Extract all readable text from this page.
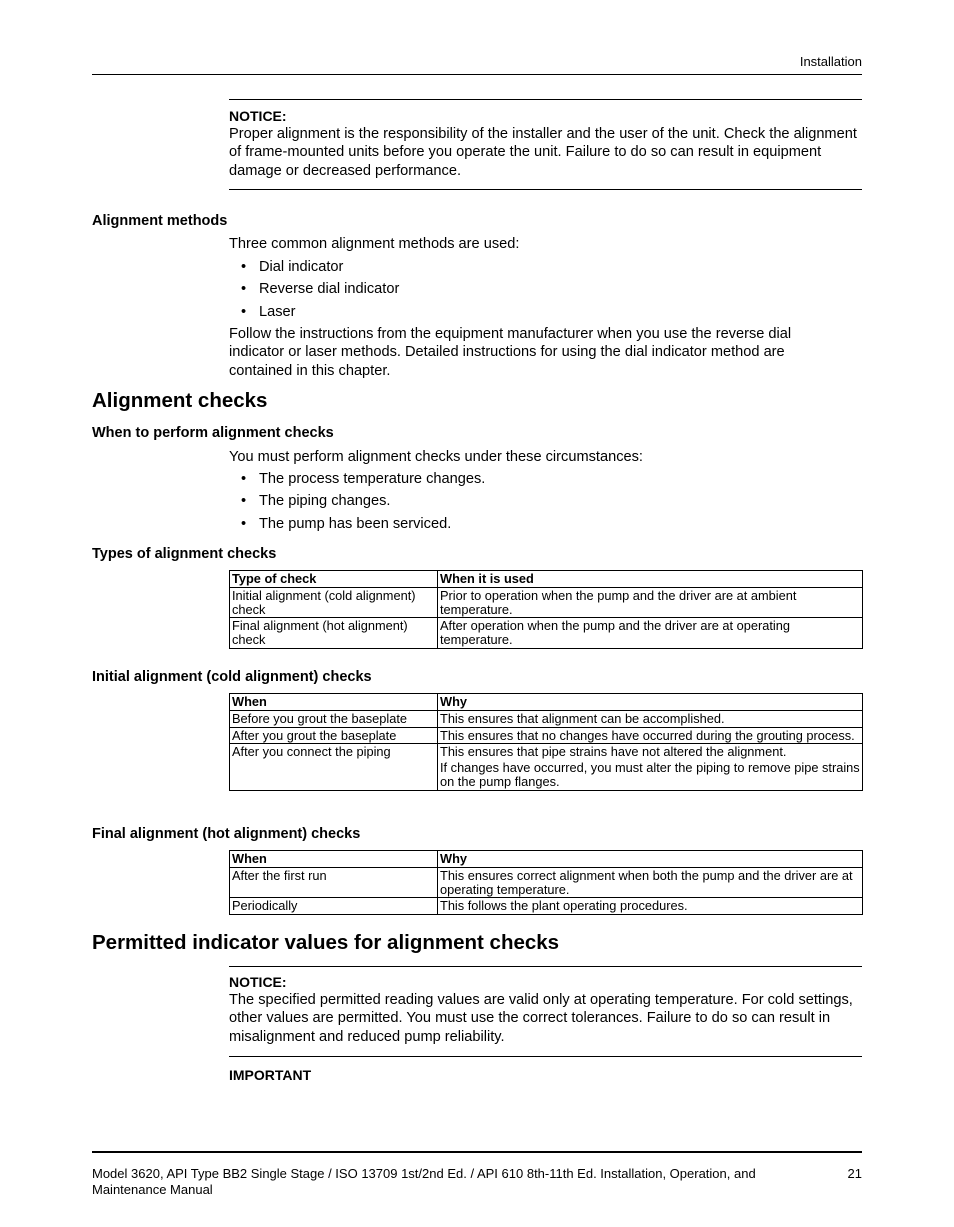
Installation
NOTICE:
Proper alignment is the responsibility of the installer and the user of the unit. Check the alignment of frame-mounted units before you operate the unit. Failure to do so can result in equipment damage or decreased performance.
Alignment methods
Three common alignment methods are used:
• Dial indicator
• Reverse dial indicator
• Laser
Follow the instructions from the equipment manufacturer when you use the reverse dial indicator or laser methods. Detailed instructions for using the dial indicator method are contained in this chapter.
Alignment checks
When to perform alignment checks
You must perform alignment checks under these circumstances:
• The process temperature changes.
• The piping changes.
• The pump has been serviced.
Types of alignment checks
Type of check	When it is used
Initial alignment (cold alignment) check	Prior to operation when the pump and the driver are at ambient temperature.
Final alignment (hot alignment) check	After operation when the pump and the driver are at operating temperature.
Initial alignment (cold alignment) checks
When	Why
Before you grout the baseplate	This ensures that alignment can be accomplished.
After you grout the baseplate	This ensures that no changes have occurred during the grouting process.
After you connect the piping	This ensures that pipe strains have not altered the alignment.
If changes have occurred, you must alter the piping to remove pipe strains on the pump flanges.
Final alignment (hot alignment) checks
When	Why
After the first run	This ensures correct alignment when both the pump and the driver are at operating temperature.
Periodically	This follows the plant operating procedures.
Permitted indicator values for alignment checks
NOTICE:
The specified permitted reading values are valid only at operating temperature. For cold settings, other values are permitted. You must use the correct tolerances. Failure to do so can result in misalignment and reduced pump reliability.
IMPORTANT
Model 3620, API Type BB2 Single Stage / ISO 13709 1st/2nd Ed. / API 610 8th-11th Ed. Installation, Operation, and Maintenance Manual
21
